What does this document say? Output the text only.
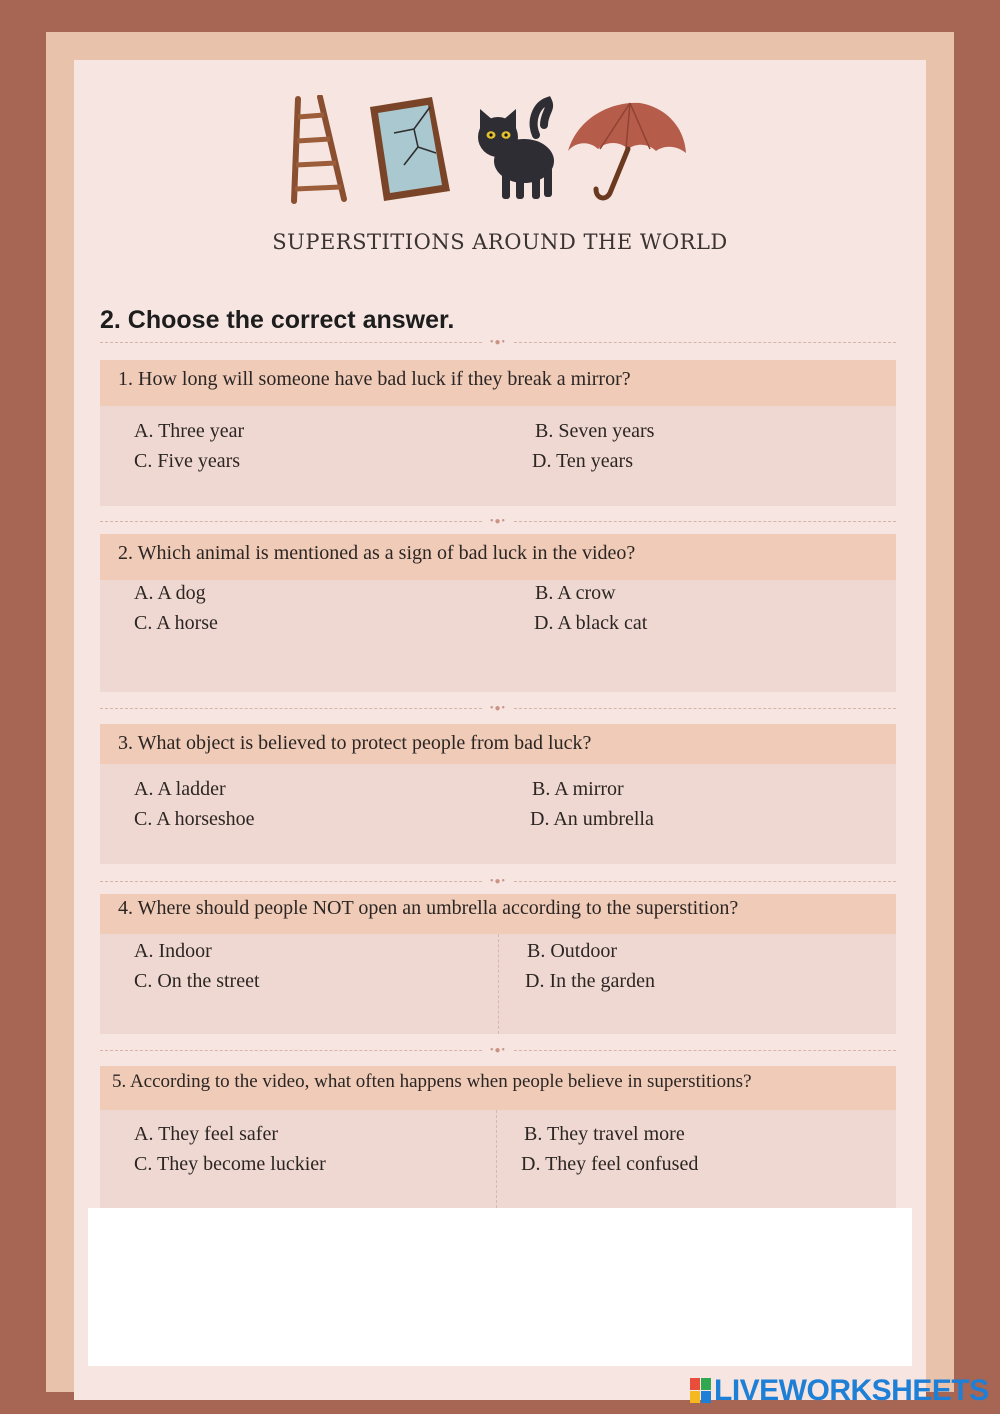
SUPERSTITIONS AROUND THE WORLD
2. Choose the correct answer.
•●•
•●•
•●•
•●•
•●•
1. How long will someone have bad luck if they break a mirror?
A. Three year	B. Seven years
C. Five years	D. Ten years
2. Which animal is mentioned as a sign of bad luck in the video?
A. A dog	B. A crow
C. A horse	D. A black cat
3. What object is believed to protect people from bad luck?
A. A ladder	B. A mirror
C. A horseshoe	D. An umbrella
4. Where should people NOT open an umbrella according to the superstition?
A. Indoor	B. Outdoor
C. On the street	D. In the garden
5. According to the video, what often happens when people believe in superstitions?
A. They feel safer	B. They travel more
C. They become luckier	D. They feel confused
LIVEWORKSHEETS
